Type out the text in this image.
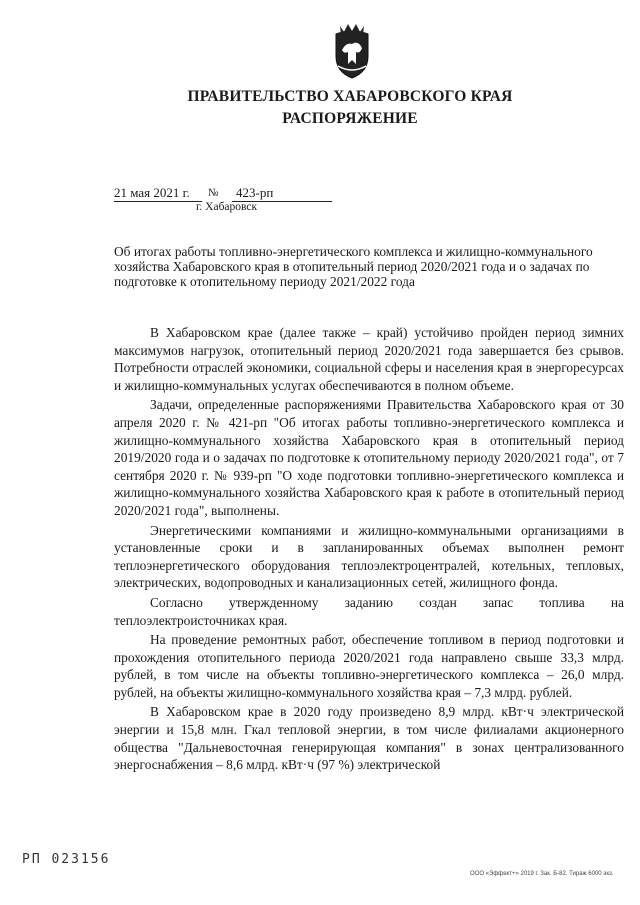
ПРАВИТЕЛЬСТВО ХАБАРОВСКОГО КРАЯ
РАСПОРЯЖЕНИЕ
21 мая 2021 г.	№	423-рп
г. Хабаровск
Об итогах работы топливно-энергетического комплекса и жилищно-коммунального хозяйства Хабаровского края в отопительный период 2020/2021 года и о задачах по подготовке к отопительному периоду 2021/2022 года

В Хабаровском крае (далее также – край) устойчиво пройден период зимних максимумов нагрузок, отопительный период 2020/2021 года завершается без срывов. Потребности отраслей экономики, социальной сферы и населения края в энергоресурсах и жилищно-коммунальных услугах обеспечиваются в полном объеме.

Задачи, определенные распоряжениями Правительства Хабаровского края от 30 апреля 2020 г. № 421-рп "Об итогах работы топливно-энергетического комплекса и жилищно-коммунального хозяйства Хабаровского края в отопительный период 2019/2020 года и о задачах по подготовке к отопительному периоду 2020/2021 года", от 7 сентября 2020 г. № 939-рп "О ходе подготовки топливно-энергетического комплекса и жилищно-коммунального хозяйства Хабаровского края к работе в отопительный период 2020/2021 года", выполнены.

Энергетическими компаниями и жилищно-коммунальными организациями в установленные сроки и в запланированных объемах выполнен ремонт теплоэнергетического оборудования теплоэлектроцентралей, котельных, тепловых, электрических, водопроводных и канализационных сетей, жилищного фонда.

Согласно утвержденному заданию создан запас топлива на теплоэлектроисточниках края.

На проведение ремонтных работ, обеспечение топливом в период подготовки и прохождения отопительного периода 2020/2021 года направлено свыше 33,3 млрд. рублей, в том числе на объекты топливно-энергетического комплекса – 26,0 млрд. рублей, на объекты жилищно-коммунального хозяйства края – 7,3 млрд. рублей.

В Хабаровском крае в 2020 году произведено 8,9 млрд. кВт·ч электрической энергии и 15,8 млн. Гкал тепловой энергии, в том числе филиалами акционерного общества "Дальневосточная генерирующая компания" в зонах централизованного энергоснабжения – 8,6 млрд. кВт·ч (97 %) электрической

РП 023156
ООО «Эффект+» 2019 г. Зак. Б-82. Тираж 6000 экз.
